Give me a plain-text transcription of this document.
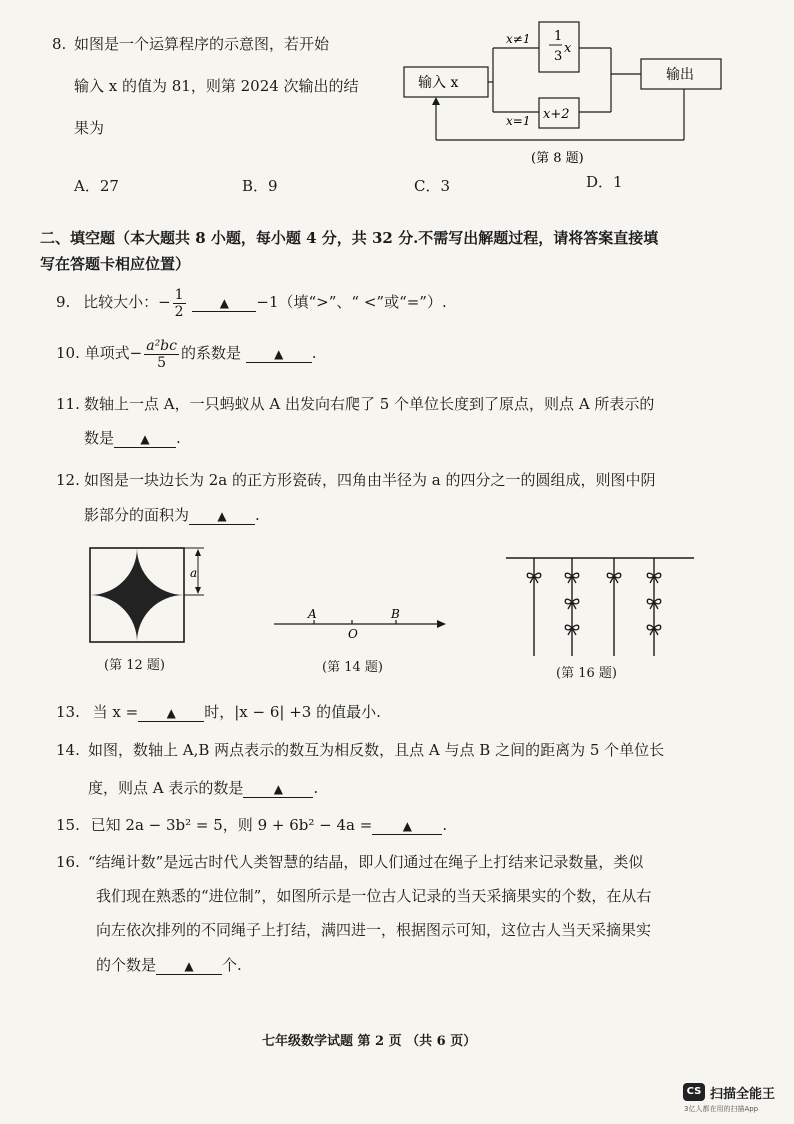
8. 如图是一个运算程序的示意图，若开始
输入 x 的值为 81，则第 2024 次输出的结
果为
A．27	B．9	C．3	D．1
输入 x
x≠1
x=1
1
3
x
x+2
输出
(第 8 题)
二、填空题（本大题共 8 小题，每小题 4 分，共 32 分.不需写出解题过程，请将答案直接填
写在答题卡相应位置）
9. 比较大小：− $\frac{1}{2}$	▲ −1（填“>”、“ <”或“=”）.
10. 单项式− $\frac{\text{a²bc}}{5}$ 的系数是	▲ .
11. 数轴上一点 A，一只蚂蚁从 A 出发向右爬了 5 个单位长度到了原点，则点 A 所表示的
数是 ▲ .
12. 如图是一块边长为 2a 的正方形瓷砖，四角由半径为 a 的四分之一的圆组成，则图中阴
影部分的面积为 ▲ .
a
(第 12 题)
A
O
B
(第 14 题)	(第 16 题)
13. 当 x = ▲ 时，|x − 6| +3 的值最小.
14. 如图，数轴上 A,B 两点表示的数互为相反数，且点 A 与点 B 之间的距离为 5 个单位长
度，则点 A 表示的数是	▲ .
15. 已知 2a − 3b² = 5，则 9 + 6b² − 4a =	▲ .
16. “结绳计数”是远古时代人类智慧的结晶，即人们通过在绳子上打结来记录数量，类似
我们现在熟悉的“进位制”，如图所示是一位古人记录的当天采摘果实的个数，在从右
向左依次排列的不同绳子上打结，满四进一，根据图示可知，这位古人当天采摘果实
的个数是 ▲ 个.
七年级数学试题 第 2 页 （共 6 页）
CS 扫描全能王
3亿人都在用的扫描App
